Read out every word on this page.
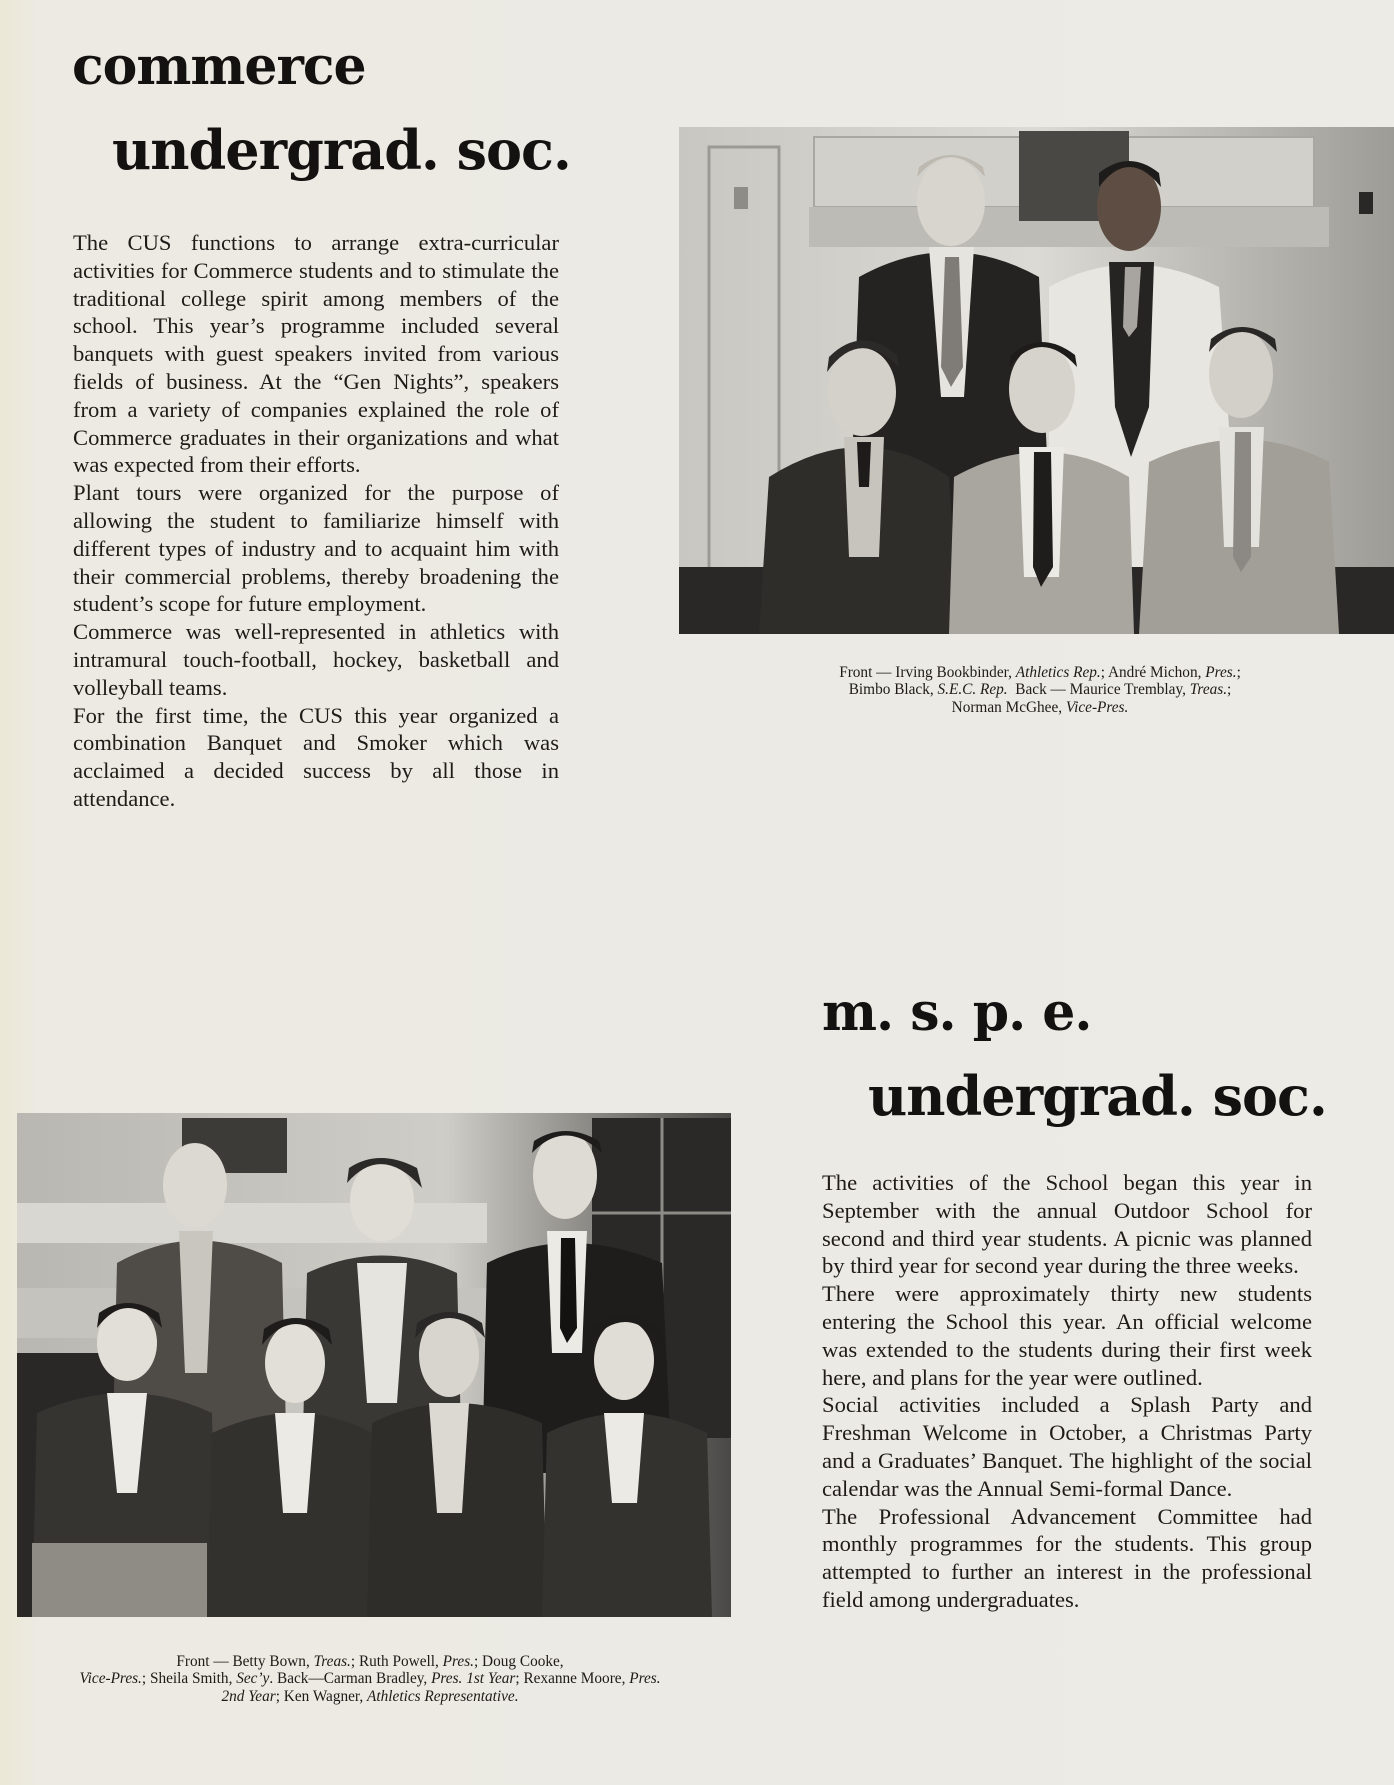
commerce
undergrad. soc.

The CUS functions to arrange extra-curricular activities for Commerce students and to stimulate the traditional college spirit among members of the school. This year’s programme included several banquets with guest speakers invited from various fields of business. At the “Gen Nights”, speakers from a variety of companies explained the role of Commerce graduates in their organizations and what was expected from their efforts.

Plant tours were organized for the purpose of allowing the student to familiarize himself with different types of industry and to acquaint him with their commercial problems, thereby broadening the student’s scope for future employment.

Commerce was well-represented in athletics with intramural touch-football, hockey, basketball and volleyball teams.

For the first time, the CUS this year organized a combination Banquet and Smoker which was acclaimed a decided success by all those in attendance.

Front — Irving Bookbinder, Athletics Rep.; André Michon, Pres.;
Bimbo Black, S.E.C. Rep.  Back — Maurice Tremblay, Treas.;
Norman McGhee, Vice-Pres.

m. s. p. e.
undergrad. soc.

The activities of the School began this year in September with the annual Outdoor School for second and third year students. A picnic was planned by third year for second year during the three weeks.

There were approximately thirty new students entering the School this year. An official welcome was extended to the students during their first week here, and plans for the year were outlined.

Social activities included a Splash Party and Freshman Welcome in October, a Christmas Party and a Graduates’ Banquet. The highlight of the social calendar was the Annual Semi-formal Dance.

The Professional Advancement Committee had monthly programmes for the students. This group attempted to further an interest in the professional field among undergraduates.

Front — Betty Bown, Treas.; Ruth Powell, Pres.; Doug Cooke,
Vice-Pres.; Sheila Smith, Sec’y. Back—Carman Bradley, Pres. 1st Year; Rexanne Moore, Pres. 2nd Year; Ken Wagner, Athletics Representative.
